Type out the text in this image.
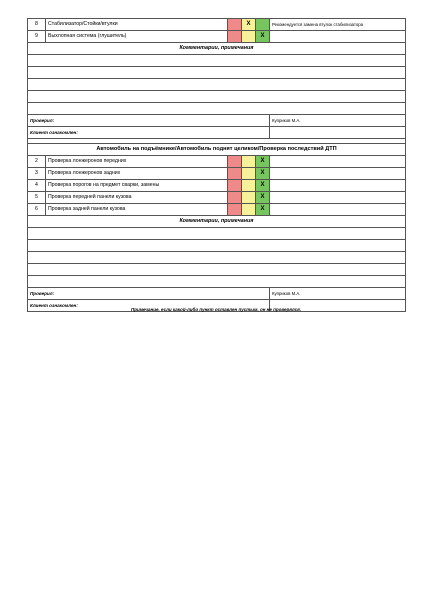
8	Стабилизатор/Стойки/втулки		X		Рекомендуется замена втулок стабилизатора
9	Выхлопная система (глушитель)			X	
Комментарии, примечания					

Проверил:					Куприков М.А.
Клиент ознакомлен:					

Автомобиль на подъёмнике/Автомобиль поднят целиком/Проверка последствий ДТП					
2	Проверка лонжеронов передних			X	
3	Проверка лонжеронов задних			X	
4	Проверка порогов на предмет сварки, замены			X	
5	Проверка передней панели кузова			X	
6	Проверка задней панели кузова			X	
Комментарии, примечания					

Проверил:					Куприков М.А.
Клиент ознакомлен:					
Примечание, если какой-либо пункт оставлен пустым, он не проверялся.
